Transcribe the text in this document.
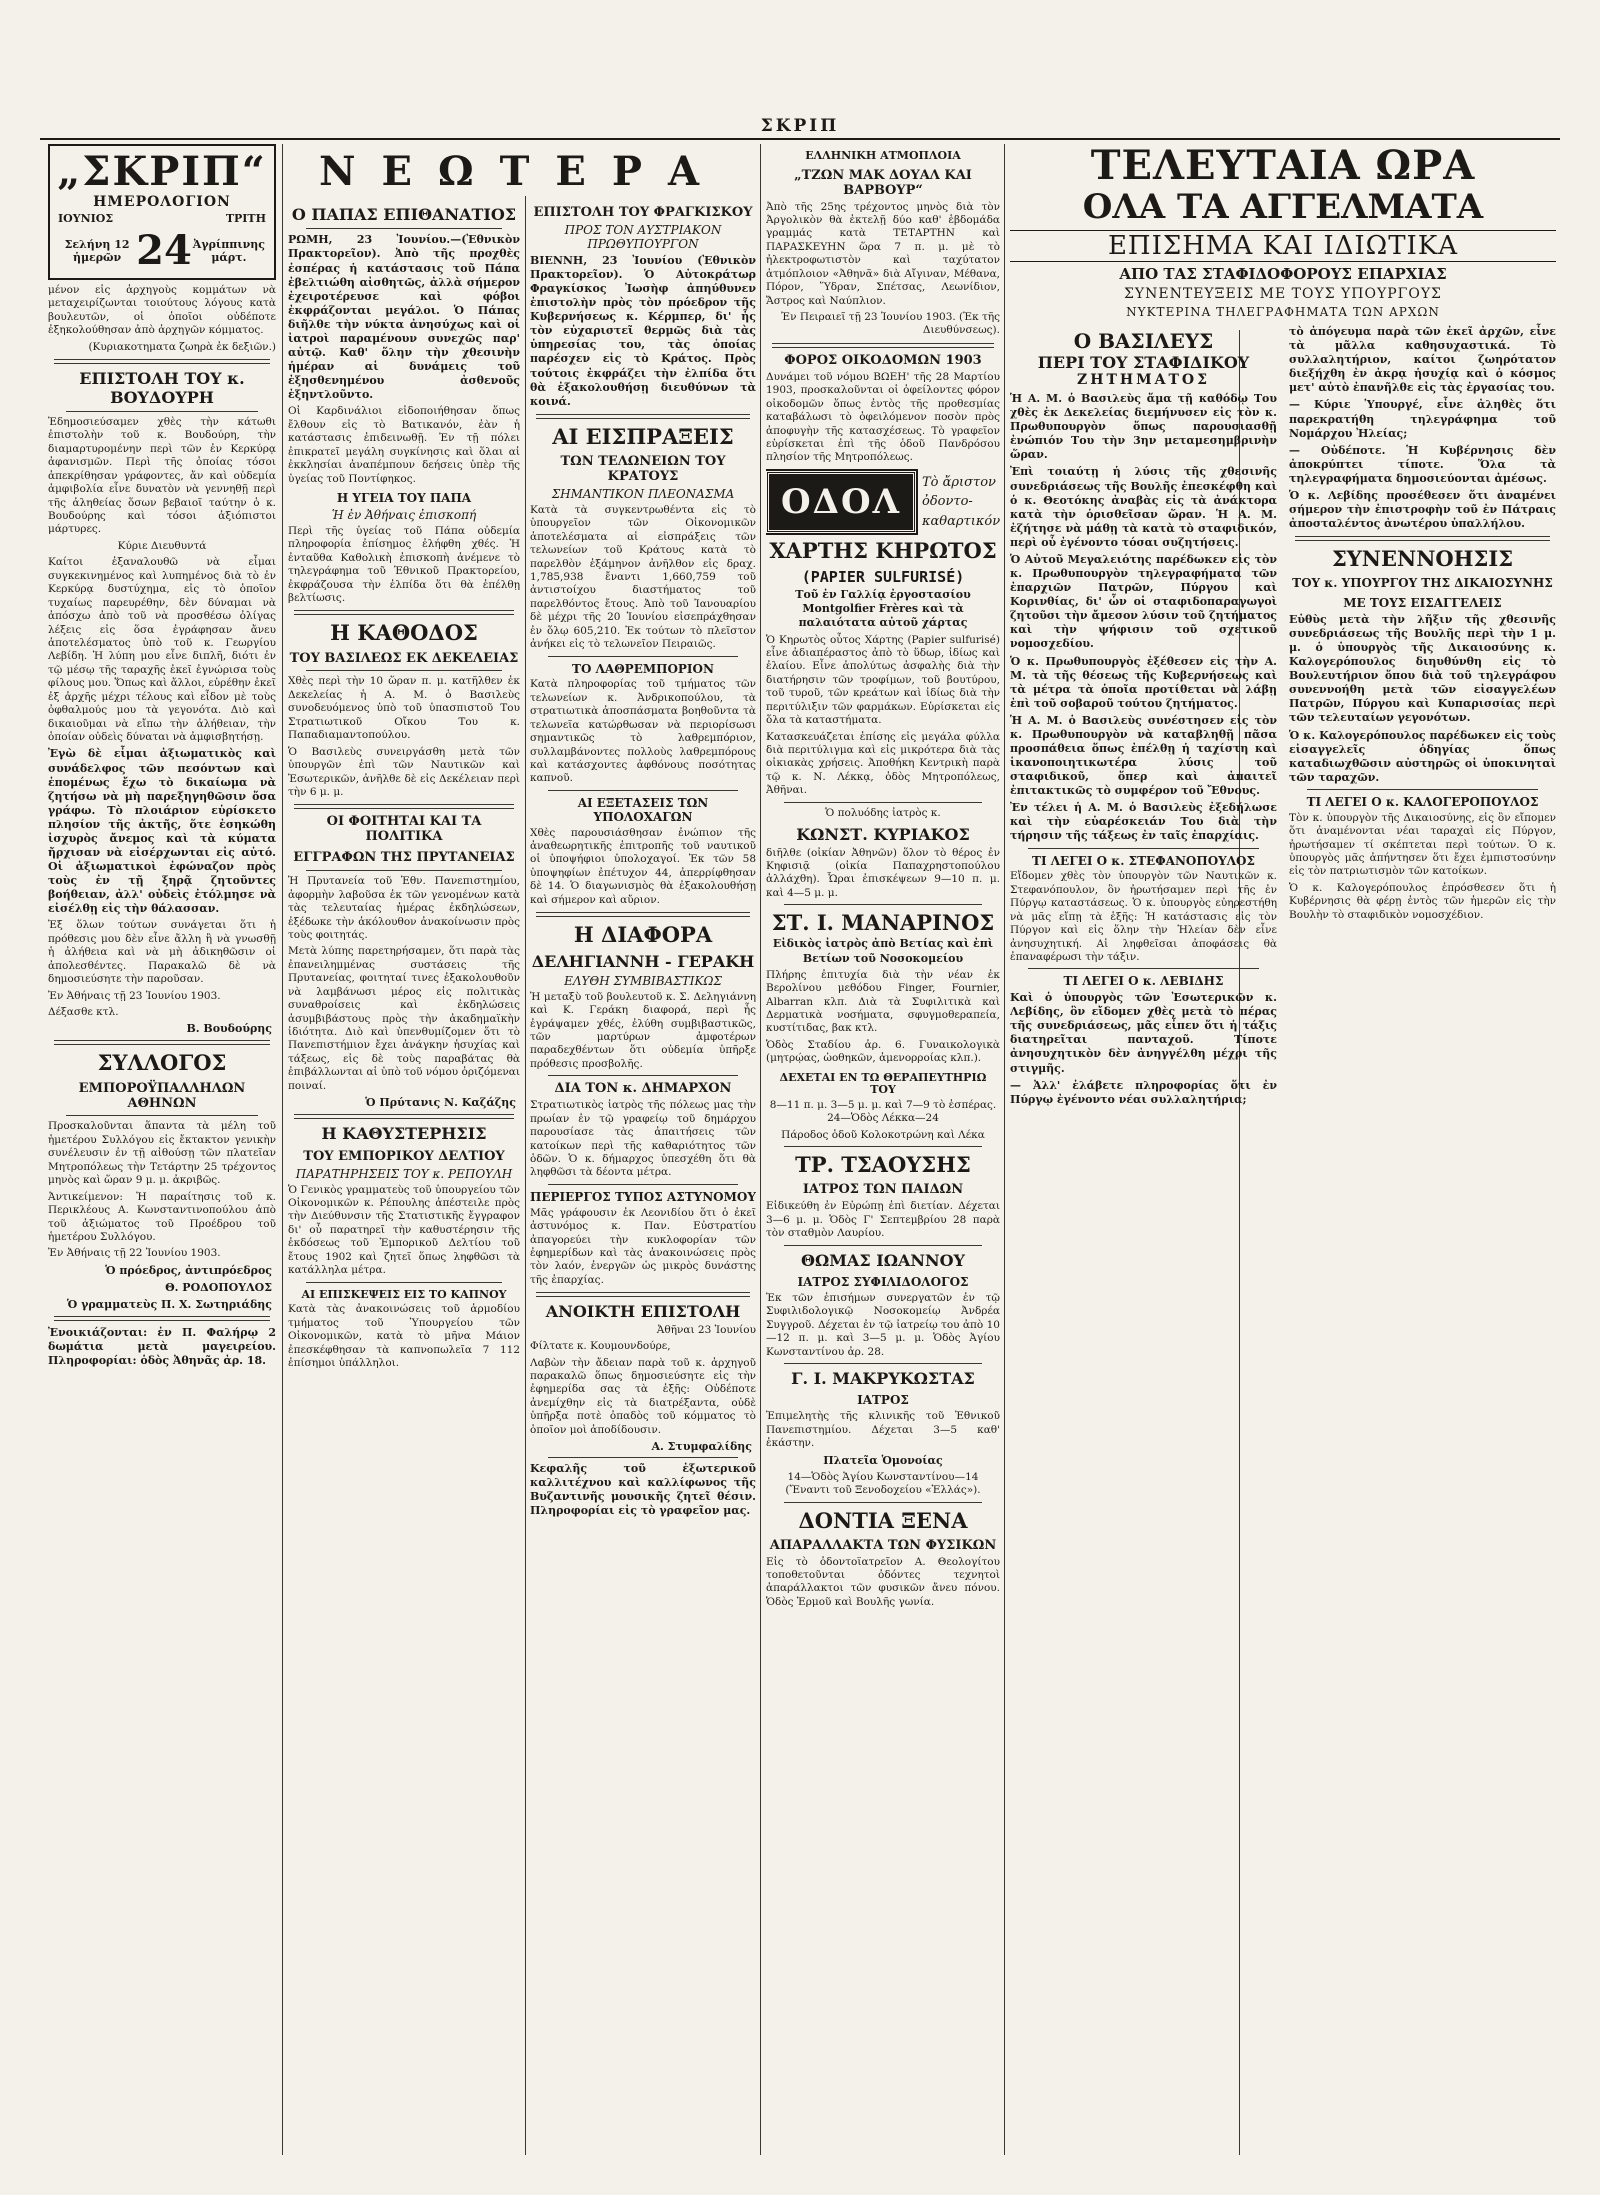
ΣΚΡΙΠ
„ΣΚΡΙΠ“
ΗΜΕΡΟΛΟΓΙΟΝ
ΙΟΥΝΙΟΣ	ΤΡΙΤΗ
Σελήνη 12 ἡμερῶν 24 Ἀγρίππινης μάρτ.

μένον εἰς ἀρχηγοὺς κομμάτων νὰ μεταχειρίζωνται τοιούτους λόγους κατὰ βουλευτῶν, οἱ ὁποῖοι οὐδέποτε ἐξηκολούθησαν ἀπὸ ἀρχηγῶν κόμματος.

(Κυριακοτηματα ζωηρὰ ἐκ δεξιῶν.)

ΕΠΙΣΤΟΛΗ ΤΟΥ κ. ΒΟΥΔΟΥΡΗ

Ἐδημοσιεύσαμεν χθὲς τὴν κάτωθι ἐπιστολὴν τοῦ κ. Βουδούρη, τὴν διαμαρτυρομένην περὶ τῶν ἐν Κερκύρᾳ ἀφανισμῶν. Περὶ τῆς ὁποίας τόσοι ἀπεκρίθησαν γράφοντες, ἄν καὶ οὐδεμία ἀμφιβολία εἶνε δυνατὸν νὰ γεννηθῇ περὶ τῆς ἀληθείας ὅσων βεβαιοῖ ταύτην ὁ κ. Βουδούρης καὶ τόσοι ἀξιόπιστοι μάρτυρες.

Κύριε Διευθυντά

Καίτοι ἐξαναλουθῶ νὰ εἶμαι συγκεκινημένος καὶ λυπημένος διὰ τὸ ἐν Κερκύρᾳ δυστύχημα, εἰς τὸ ὁποῖον τυχαίως παρευρέθην, δὲν δύναμαι νὰ ἀπόσχω ἀπὸ τοῦ νὰ προσθέσω ὀλίγας λέξεις εἰς ὅσα ἐγράφησαν ἄνευ ἀποτελέσματος ὑπὸ τοῦ κ. Γεωργίου Λεβίδη. Ἡ λύπη μου εἶνε διπλῆ, διότι ἐν τῷ μέσῳ τῆς ταραχῆς ἐκεῖ ἐγνώρισα τοὺς φίλους μου. Ὅπως καὶ ἄλλοι, εὑρέθην ἐκεῖ ἐξ ἀρχῆς μέχρι τέλους καὶ εἶδον μὲ τοὺς ὀφθαλμούς μου τὰ γεγονότα. Διὸ καὶ δικαιοῦμαι νὰ εἴπω τὴν ἀλήθειαν, τὴν ὁποίαν οὐδεὶς δύναται νὰ ἀμφισβητήσῃ.

Ἐγὼ δὲ εἶμαι ἀξιωματικὸς καὶ συνάδελφος τῶν πεσόντων καὶ ἑπομένως ἔχω τὸ δικαίωμα νὰ ζητήσω νὰ μὴ παρεξηγηθῶσιν ὅσα γράφω. Τὸ πλοιάριον εὑρίσκετο πλησίον τῆς ἀκτῆς, ὅτε ἐσηκώθη ἰσχυρὸς ἄνεμος καὶ τὰ κύματα ἤρχισαν νὰ εἰσέρχωνται εἰς αὐτό. Οἱ ἀξιωματικοὶ ἐφώναζον πρὸς τοὺς ἐν τῇ ξηρᾷ ζητοῦντες βοήθειαν, ἀλλ' οὐδεὶς ἐτόλμησε νὰ εἰσέλθῃ εἰς τὴν θάλασσαν.

Ἐξ ὅλων τούτων συνάγεται ὅτι ἡ πρόθεσις μου δὲν εἶνε ἄλλη ἢ νὰ γνωσθῇ ἡ ἀλήθεια καὶ νὰ μὴ ἀδικηθῶσιν οἱ ἀπολεσθέντες. Παρακαλῶ δὲ νὰ δημοσιεύσητε τὴν παροῦσαν.

Ἐν Ἀθήναις τῇ 23 Ἰουνίου 1903.

Δέξασθε κτλ.

Β. Βουδούρης
ΣΥΛΛΟΓΟΣ
ΕΜΠΟΡΟΫΠΑΛΛΗΛΩΝ ΑΘΗΝΩΝ

Προσκαλοῦνται ἅπαντα τὰ μέλη τοῦ ἡμετέρου Συλλόγου εἰς ἔκτακτον γενικὴν συνέλευσιν ἐν τῇ αἰθούσῃ τῶν πλατεῖαν Μητροπόλεως τὴν Τετάρτην 25 τρέχοντος μηνὸς καὶ ὥραν 9 μ. μ. ἀκριβῶς.

Ἀντικείμενον: Ἡ παραίτησις τοῦ κ. Περικλέους Α. Κωνσταντινοπούλου ἀπὸ τοῦ ἀξιώματος τοῦ Προέδρου τοῦ ἡμετέρου Συλλόγου.

Ἐν Ἀθήναις τῇ 22 Ἰουνίου 1903.

Ὁ πρόεδρος, ἀντιπρόεδρος
Θ. ΡΟΔΟΠΟΥΛΟΣ
Ὁ γραμματεὺς Π. Χ. Σωτηριάδης

Ἐνοικιάζονται: ἐν Π. Φαλήρῳ 2 δωμάτια μετὰ μαγειρείου. Πληροφορίαι: ὁδὸς Ἀθηνᾶς ἀρ. 18.

ΝΕΩΤΕΡΑ
Ο ΠΑΠΑΣ ΕΠΙΘΑΝΑΤΙΟΣ

ΡΩΜΗ, 23 Ἰουνίου.—(Ἐθνικὸν Πρακτορεῖον). Ἀπὸ τῆς προχθὲς ἑσπέρας ἡ κατάστασις τοῦ Πάπα ἐβελτιώθη αἰσθητῶς, ἀλλὰ σήμερον ἐχειροτέρευσε καὶ φόβοι ἐκφράζονται μεγάλοι. Ὁ Πάπας διῆλθε τὴν νύκτα ἀνησύχως καὶ οἱ ἰατροὶ παραμένουν συνεχῶς παρ' αὐτῷ. Καθ' ὅλην τὴν χθεσινὴν ἡμέραν αἱ δυνάμεις τοῦ ἐξησθενημένου ἀσθενοῦς ἐξηντλοῦντο.

Οἱ Καρδινάλιοι εἰδοποιήθησαν ὅπως ἔλθουν εἰς τὸ Βατικανόν, ἐὰν ἡ κατάστασις ἐπιδεινωθῇ. Ἐν τῇ πόλει ἐπικρατεῖ μεγάλη συγκίνησις καὶ ὅλαι αἱ ἐκκλησίαι ἀναπέμπουν δεήσεις ὑπὲρ τῆς ὑγείας τοῦ Ποντίφηκος.

Η ΥΓΕΙΑ ΤΟΥ ΠΑΠΑ
Ἡ ἐν Ἀθήναις ἐπισκοπή

Περὶ τῆς ὑγείας τοῦ Πάπα οὐδεμία πληροφορία ἐπίσημος ἐλήφθη χθές. Ἡ ἐνταῦθα Καθολικὴ ἐπισκοπὴ ἀνέμενε τὸ τηλεγράφημα τοῦ Ἐθνικοῦ Πρακτορείου, ἐκφράζουσα τὴν ἐλπίδα ὅτι θὰ ἐπέλθῃ βελτίωσις.

Η ΚΑΘΟΔΟΣ
ΤΟΥ ΒΑΣΙΛΕΩΣ ΕΚ ΔΕΚΕΛΕΙΑΣ

Χθὲς περὶ τὴν 10 ὥραν π. μ. κατῆλθεν ἐκ Δεκελείας ἡ Α. Μ. ὁ Βασιλεὺς συνοδευόμενος ὑπὸ τοῦ ὑπασπιστοῦ Του Στρατιωτικοῦ Οἴκου Του κ. Παπαδιαμαντοπούλου.

Ὁ Βασιλεὺς συνειργάσθη μετὰ τῶν ὑπουργῶν ἐπὶ τῶν Ναυτικῶν καὶ Ἐσωτερικῶν, ἀνῆλθε δὲ εἰς Δεκέλειαν περὶ τὴν 6 μ. μ.

ΟΙ ΦΟΙΤΗΤΑΙ ΚΑΙ ΤΑ ΠΟΛΙΤΙΚΑ
ΕΓΓΡΑΦΩΝ ΤΗΣ ΠΡΥΤΑΝΕΙΑΣ

Ἡ Πρυτανεία τοῦ Ἐθν. Πανεπιστημίου, ἀφορμὴν λαβοῦσα ἐκ τῶν γενομένων κατὰ τὰς τελευταίας ἡμέρας ἐκδηλώσεων, ἐξέδωκε τὴν ἀκόλουθον ἀνακοίνωσιν πρὸς τοὺς φοιτητάς.

Μετὰ λύπης παρετηρήσαμεν, ὅτι παρὰ τὰς ἐπανειλημμένας συστάσεις τῆς Πρυτανείας, φοιτηταί τινες ἐξακολουθοῦν νὰ λαμβάνωσι μέρος εἰς πολιτικὰς συναθροίσεις καὶ ἐκδηλώσεις ἀσυμβιβάστους πρὸς τὴν ἀκαδημαϊκὴν ἰδιότητα. Διὸ καὶ ὑπενθυμίζομεν ὅτι τὸ Πανεπιστήμιον ἔχει ἀνάγκην ἡσυχίας καὶ τάξεως, εἰς δὲ τοὺς παραβάτας θὰ ἐπιβάλλωνται αἱ ὑπὸ τοῦ νόμου ὁριζόμεναι ποιναί.

Ὁ Πρύτανις Ν. Καζάζης
Η ΚΑΘΥΣΤΕΡΗΣΙΣ
ΤΟΥ ΕΜΠΟΡΙΚΟΥ ΔΕΛΤΙΟΥ
ΠΑΡΑΤΗΡΗΣΕΙΣ ΤΟΥ κ. ΡΕΠΟΥΛΗ

Ὁ Γενικὸς γραμματεὺς τοῦ ὑπουργείου τῶν Οἰκονομικῶν κ. Ρέπουλης ἀπέστειλε πρὸς τὴν Διεύθυνσιν τῆς Στατιστικῆς ἔγγραφον δι' οὗ παρατηρεῖ τὴν καθυστέρησιν τῆς ἐκδόσεως τοῦ Ἐμπορικοῦ Δελτίου τοῦ ἔτους 1902 καὶ ζητεῖ ὅπως ληφθῶσι τὰ κατάλληλα μέτρα.

ΑΙ ΕΠΙΣΚΕΨΕΙΣ ΕΙΣ ΤΟ ΚΑΠΝΟΥ

Κατὰ τὰς ἀνακοινώσεις τοῦ ἁρμοδίου τμήματος τοῦ Ὑπουργείου τῶν Οἰκονομικῶν, κατὰ τὸ μῆνα Μάιον ἐπεσκέφθησαν τὰ καπνοπωλεῖα 7 112 ἐπίσημοι ὑπάλληλοι.

ΕΠΙΣΤΟΛΗ ΤΟΥ ΦΡΑΓΚΙΣΚΟΥ
ΠΡΟΣ ΤΟΝ ΑΥΣΤΡΙΑΚΟΝ ΠΡΩΘΥΠΟΥΡΓΟΝ

ΒΙΕΝΝΗ, 23 Ἰουνίου (Ἐθνικὸν Πρακτορεῖον). Ὁ Αὐτοκράτωρ Φραγκίσκος Ἰωσὴφ ἀπηύθυνεν ἐπιστολὴν πρὸς τὸν πρόεδρον τῆς Κυβερνήσεως κ. Κέρμπερ, δι' ἧς τὸν εὐχαριστεῖ θερμῶς διὰ τὰς ὑπηρεσίας του, τὰς ὁποίας παρέσχεν εἰς τὸ Κράτος. Πρὸς τούτοις ἐκφράζει τὴν ἐλπίδα ὅτι θὰ ἐξακολουθήσῃ διευθύνων τὰ κοινά.

ΑΙ ΕΙΣΠΡΑΞΕΙΣ
ΤΩΝ ΤΕΛΩΝΕΙΩΝ ΤΟΥ ΚΡΑΤΟΥΣ
ΣΗΜΑΝΤΙΚΟΝ ΠΛΕΟΝΑΣΜΑ

Κατὰ τὰ συγκεντρωθέντα εἰς τὸ ὑπουργεῖον τῶν Οἰκονομικῶν ἀποτελέσματα αἱ εἰσπράξεις τῶν τελωνείων τοῦ Κράτους κατὰ τὸ παρελθὸν ἑξάμηνον ἀνῆλθον εἰς δραχ. 1,785,938 ἔναντι 1,660,759 τοῦ ἀντιστοίχου διαστήματος τοῦ παρελθόντος ἔτους. Ἀπὸ τοῦ Ἰανουαρίου δὲ μέχρι τῆς 20 Ἰουνίου εἰσεπράχθησαν ἐν ὅλῳ 605,210. Ἐκ τούτων τὸ πλεῖστον ἀνήκει εἰς τὸ τελωνεῖον Πειραιῶς.

ΤΟ ΛΑΘΡΕΜΠΟΡΙΟΝ

Κατὰ πληροφορίας τοῦ τμήματος τῶν τελωνείων κ. Ἀνδρικοπούλου, τὰ στρατιωτικὰ ἀποσπάσματα βοηθοῦντα τὰ τελωνεῖα κατώρθωσαν νὰ περιορίσωσι σημαντικῶς τὸ λαθρεμπόριον, συλλαμβάνοντες πολλοὺς λαθρεμπόρους καὶ κατάσχοντες ἀφθόνους ποσότητας καπνοῦ.

ΑΙ ΕΞΕΤΑΣΕΙΣ ΤΩΝ ΥΠΟΛΟΧΑΓΩΝ

Χθὲς παρουσιάσθησαν ἐνώπιον τῆς ἀναθεωρητικῆς ἐπιτροπῆς τοῦ ναυτικοῦ οἱ ὑποψήφιοι ὑπολοχαγοί. Ἐκ τῶν 58 ὑποψηφίων ἐπέτυχον 44, ἀπερρίφθησαν δὲ 14. Ὁ διαγωνισμὸς θὰ ἐξακολουθήσῃ καὶ σήμερον καὶ αὔριον.

Η ΔΙΑΦΟΡΑ
ΔΕΛΗΓΙΑΝΝΗ - ΓΕΡΑΚΗ
ΕΛΥΘΗ ΣΥΜΒΙΒΑΣΤΙΚΩΣ

Ἡ μεταξὺ τοῦ βουλευτοῦ κ. Σ. Δεληγιάννη καὶ Κ. Γεράκη διαφορά, περὶ ἧς ἐγράψαμεν χθές, ἐλύθη συμβιβαστικῶς, τῶν μαρτύρων ἀμφοτέρων παραδεχθέντων ὅτι οὐδεμία ὑπῆρξε πρόθεσις προσβολῆς.

ΔΙΑ ΤΟΝ κ. ΔΗΜΑΡΧΟΝ

Στρατιωτικὸς ἰατρὸς τῆς πόλεως μας τὴν πρωίαν ἐν τῷ γραφείῳ τοῦ δημάρχου παρουσίασε τὰς ἀπαιτήσεις τῶν κατοίκων περὶ τῆς καθαριότητος τῶν ὁδῶν. Ὁ κ. δήμαρχος ὑπεσχέθη ὅτι θὰ ληφθῶσι τὰ δέοντα μέτρα.

ΠΕΡΙΕΡΓΟΣ ΤΥΠΟΣ ΑΣΤΥΝΟΜΟΥ

Μᾶς γράφουσιν ἐκ Λεονιδίου ὅτι ὁ ἐκεῖ ἀστυνόμος κ. Παν. Εὐστρατίου ἀπαγορεύει τὴν κυκλοφορίαν τῶν ἐφημερίδων καὶ τὰς ἀνακοινώσεις πρὸς τὸν λαόν, ἐνεργῶν ὡς μικρὸς δυνάστης τῆς ἐπαρχίας.

ΑΝΟΙΚΤΗ ΕΠΙΣΤΟΛΗ

Ἀθῆναι 23 Ἰουνίου

Φίλτατε κ. Κουμουνδούρε,

Λαβὼν τὴν ἄδειαν παρὰ τοῦ κ. ἀρχηγοῦ παρακαλῶ ὅπως δημοσιεύσητε εἰς τὴν ἐφημερίδα σας τὰ ἑξῆς: Οὐδέποτε ἀνεμίχθην εἰς τὰ διατρέξαντα, οὐδὲ ὑπῆρξα ποτὲ ὀπαδὸς τοῦ κόμματος τὸ ὁποῖον μοὶ ἀποδίδουσιν.

Α. Στυμφαλίδης

Κεφαλῆς τοῦ ἐξωτερικοῦ καλλιτέχνου καὶ καλλίφωνος τῆς Βυζαντινῆς μουσικῆς ζητεῖ θέσιν. Πληροφορίαι εἰς τὸ γραφεῖον μας.

ΕΛΛΗΝΙΚΗ ΑΤΜΟΠΛΟΙΑ
„ΤΖΩΝ ΜΑΚ ΔΟΥΑΛ ΚΑΙ ΒΑΡΒΟΥΡ“

Ἀπὸ τῆς 25ης τρέχοντος μηνὸς διὰ τὸν Ἀργολικὸν θὰ ἐκτελῇ δύο καθ' ἑβδομάδα γραμμάς κατὰ ΤΕΤΑΡΤΗΝ καὶ ΠΑΡΑΣΚΕΥΗΝ ὥρα 7 π. μ. μὲ τὸ ἠλεκτροφωτιστὸν καὶ ταχύτατον ἀτμόπλοιον «Ἀθηνᾶ» διὰ Αἴγιναν, Μέθανα, Πόρον, Ὕδραν, Σπέτσας, Λεωνίδιον, Ἄστρος καὶ Ναύπλιον.

Ἐν Πειραιεῖ τῇ 23 Ἰουνίου 1903. (Ἐκ τῆς Διευθύνσεως).

ΦΟΡΟΣ ΟΙΚΟΔΟΜΩΝ 1903

Δυνάμει τοῦ νόμου ΒΩΕΗ' τῆς 28 Μαρτίου 1903, προσκαλοῦνται οἱ ὀφείλοντες φόρον οἰκοδομῶν ὅπως ἐντὸς τῆς προθεσμίας καταβάλωσι τὸ ὀφειλόμενον ποσὸν πρὸς ἀποφυγὴν τῆς κατασχέσεως. Τὸ γραφεῖον εὑρίσκεται ἐπὶ τῆς ὁδοῦ Πανδρόσου πλησίον τῆς Μητροπόλεως.

ΟΔΟΛ	Τὸ ἄριστον
ὀδοντο-
καθαρτικόν
ΧΑΡΤΗΣ ΚΗΡΩΤΟΣ
(PAPIER SULFURISÉ)

Τοῦ ἐν Γαλλίᾳ ἐργοστασίου Montgolfier Frères καὶ τὰ παλαιότατα αὐτοῦ χάρτας

Ὁ Κηρωτὸς οὗτος Χάρτης (Papier sulfurisé) εἶνε ἀδιαπέραστος ἀπὸ τὸ ὕδωρ, ἰδίως καὶ ἐλαίου. Εἶνε ἀπολύτως ἀσφαλὴς διὰ τὴν διατήρησιν τῶν τροφίμων, τοῦ βουτύρου, τοῦ τυροῦ, τῶν κρεάτων καὶ ἰδίως διὰ τὴν περιτύλιξιν τῶν φαρμάκων. Εὑρίσκεται εἰς ὅλα τὰ καταστήματα.

Κατασκευάζεται ἐπίσης εἰς μεγάλα φύλλα διὰ περιτύλιγμα καὶ εἰς μικρότερα διὰ τὰς οἰκιακὰς χρήσεις. Ἀποθήκη Κεντρικὴ παρὰ τῷ κ. Ν. Λέκκᾳ, ὁδὸς Μητροπόλεως, Ἀθῆναι.

Ὁ πολυόδης ἰατρὸς κ.

ΚΩΝΣΤ. ΚΥΡΙΑΚΟΣ

διῆλθε (οἰκίαν Ἀθηνῶν) ὅλον τὸ θέρος ἐν Κηφισιᾷ (οἰκία Παπαχρηστοπούλου ἀλλάχθη). Ὧραι ἐπισκέψεων 9—10 π. μ. καὶ 4—5 μ. μ.

ΣΤ. Ι. ΜΑΝΑΡΙΝΟΣ

Εἰδικὸς ἰατρὸς ἀπὸ Βετίας καὶ ἐπὶ Βετίων τοῦ Νοσοκομείου

Πλήρης ἐπιτυχία διὰ τὴν νέαν ἐκ Βερολίνου μεθόδου Finger, Fournier, Albarran κλπ. Διὰ τὰ Συφιλιτικὰ καὶ Δερματικὰ νοσήματα, σφυγμοθεραπεία, κυστίτιδας, βακ κτλ.

Ὁδὸς Σταδίου ἀρ. 6. Γυναικολογικὰ (μητρῴας, ὠοθηκῶν, ἀμενορροίας κλπ.).

ΔΕΧΕΤΑΙ ΕΝ ΤΩ ΘΕΡΑΠΕΥΤΗΡΙΩ ΤΟΥ

8—11 π. μ. 3—5 μ. μ. καὶ 7—9 τὸ ἑσπέρας. 24—Ὁδὸς Λέκκα—24

Πάροδος ὁδοῦ Κολοκοτρώνη καὶ Λέκα

ΤΡ. ΤΣΑΟΥΣΗΣ
ΙΑΤΡΟΣ ΤΩΝ ΠΑΙΔΩΝ

Εἰδικεύθη ἐν Εὐρώπῃ ἐπὶ διετίαν. Δέχεται 3—6 μ. μ. Ὁδὸς Γ' Σεπτεμβρίου 28 παρὰ τὸν σταθμὸν Λαυρίου.

ΘΩΜΑΣ ΙΩΑΝΝΟΥ
ΙΑΤΡΟΣ ΣΥΦΙΛΙΔΟΛΟΓΟΣ

Ἐκ τῶν ἐπισήμων συνεργατῶν ἐν τῷ Συφιλιδολογικῷ Νοσοκομείῳ Ἀνδρέα Συγγροῦ. Δέχεται ἐν τῷ ἰατρείῳ του ἀπὸ 10—12 π. μ. καὶ 3—5 μ. μ. Ὁδὸς Ἀγίου Κωνσταντίνου ἀρ. 28.

Γ. Ι. ΜΑΚΡΥΚΩΣΤΑΣ
ΙΑΤΡΟΣ

Ἐπιμελητὴς τῆς κλινικῆς τοῦ Ἐθνικοῦ Πανεπιστημίου. Δέχεται 3—5 καθ' ἑκάστην.

Πλατεῖα Ὁμονοίας

14—Ὁδὸς Ἁγίου Κωνσταντίνου—14 (Ἔναντι τοῦ Ξενοδοχείου «Ἑλλάς»).

ΔΟΝΤΙΑ ΞΕΝΑ
ΑΠΑΡΑΛΛΑΚΤΑ ΤΩΝ ΦΥΣΙΚΩΝ

Εἰς τὸ ὀδοντοϊατρεῖον Α. Θεολογίτου τοποθετοῦνται ὀδόντες τεχνητοὶ ἀπαράλλακτοι τῶν φυσικῶν ἄνευ πόνου. Ὁδὸς Ἑρμοῦ καὶ Βουλῆς γωνία.

ΤΕΛΕΥΤΑΙΑ ΩΡΑ
ΟΛΑ ΤΑ ΑΓΓΕΛΜΑΤΑ
ΕΠΙΣΗΜΑ ΚΑΙ ΙΔΙΩΤΙΚΑ
ΑΠΟ ΤΑΣ ΣΤΑΦΙΔΟΦΟΡΟΥΣ ΕΠΑΡΧΙΑΣ
ΣΥΝΕΝΤΕΥΞΕΙΣ ΜΕ ΤΟΥΣ ΥΠΟΥΡΓΟΥΣ
ΝΥΚΤΕΡΙΝΑ ΤΗΛΕΓΡΑΦΗΜΑΤΑ ΤΩΝ ΑΡΧΩΝ
Ο ΒΑΣΙΛΕΥΣ
ΠΕΡΙ ΤΟΥ ΣΤΑΦΙΔΙΚΟΥ
ΖΗΤΗΜΑΤΟΣ

Ἡ Α. Μ. ὁ Βασιλεὺς ἅμα τῇ καθόδῳ Του χθὲς ἐκ Δεκελείας διεμήνυσεν εἰς τὸν κ. Πρωθυπουργὸν ὅπως παρουσιασθῇ ἐνώπιόν Του τὴν 3ην μεταμεσημβρινὴν ὥραν.

Ἐπὶ τοιαύτῃ ἡ λύσις τῆς χθεσινῆς συνεδριάσεως τῆς Βουλῆς ἐπεσκέφθη καὶ ὁ κ. Θεοτόκης ἀναβὰς εἰς τὰ ἀνάκτορα κατὰ τὴν ὁρισθεῖσαν ὥραν. Ἡ Α. Μ. ἐζήτησε νὰ μάθῃ τὰ κατὰ τὸ σταφιδικόν, περὶ οὗ ἐγένοντο τόσαι συζητήσεις.

Ὁ Αὐτοῦ Μεγαλειότης παρέδωκεν εἰς τὸν κ. Πρωθυπουργὸν τηλεγραφήματα τῶν ἐπαρχιῶν Πατρῶν, Πύργου καὶ Κορινθίας, δι' ὧν οἱ σταφιδοπαραγωγοὶ ζητοῦσι τὴν ἄμεσον λύσιν τοῦ ζητήματος καὶ τὴν ψήφισιν τοῦ σχετικοῦ νομοσχεδίου.

Ὁ κ. Πρωθυπουργὸς ἐξέθεσεν εἰς τὴν Α. Μ. τὰ τῆς θέσεως τῆς Κυβερνήσεως καὶ τὰ μέτρα τὰ ὁποῖα προτίθεται νὰ λάβῃ ἐπὶ τοῦ σοβαροῦ τούτου ζητήματος.

Ἡ Α. Μ. ὁ Βασιλεὺς συνέστησεν εἰς τὸν κ. Πρωθυπουργὸν νὰ καταβληθῇ πᾶσα προσπάθεια ὅπως ἐπέλθῃ ἡ ταχίστη καὶ ἱκανοποιητικωτέρα λύσις τοῦ σταφιδικοῦ, ὅπερ καὶ ἀπαιτεῖ ἐπιτακτικῶς τὸ συμφέρον τοῦ Ἔθνους.

Ἐν τέλει ἡ Α. Μ. ὁ Βασιλεὺς ἐξεδήλωσε καὶ τὴν εὐαρέσκειάν Του διὰ τὴν τήρησιν τῆς τάξεως ἐν ταῖς ἐπαρχίαις.

ΤΙ ΛΕΓΕΙ Ο κ. ΣΤΕΦΑΝΟΠΟΥΛΟΣ

Εἴδομεν χθὲς τὸν ὑπουργὸν τῶν Ναυτικῶν κ. Στεφανόπουλον, ὃν ἠρωτήσαμεν περὶ τῆς ἐν Πύργῳ καταστάσεως. Ὁ κ. ὑπουργὸς εὐηρεστήθη νὰ μᾶς εἴπῃ τὰ ἑξῆς: Ἡ κατάστασις εἰς τὸν Πύργον καὶ εἰς ὅλην τὴν Ἠλείαν δὲν εἶνε ἀνησυχητική. Αἱ ληφθεῖσαι ἀποφάσεις θὰ ἐπαναφέρωσι τὴν τάξιν.

ΤΙ ΛΕΓΕΙ Ο κ. ΛΕΒΙΔΗΣ

Καὶ ὁ ὑπουργὸς τῶν Ἐσωτερικῶν κ. Λεβίδης, ὃν εἴδομεν χθὲς μετὰ τὸ πέρας τῆς συνεδριάσεως, μᾶς εἶπεν ὅτι ἡ τάξις διατηρεῖται πανταχοῦ. Τίποτε ἀνησυχητικὸν δὲν ἀνηγγέλθη μέχρι τῆς στιγμῆς.

— Ἀλλ' ἐλάβετε πληροφορίας ὅτι ἐν Πύργῳ ἐγένοντο νέαι συλλαλητήρια;

τὸ ἀπόγευμα παρὰ τῶν ἐκεῖ ἀρχῶν, εἶνε τὰ μᾶλλα καθησυχαστικά. Τὸ συλλαλητήριον, καίτοι ζωηρότατον διεξήχθη ἐν ἀκρᾳ ἡσυχίᾳ καὶ ὁ κόσμος μετ' αὐτὸ ἐπανῆλθε εἰς τὰς ἐργασίας του.

— Κύριε Ὑπουργέ, εἶνε ἀληθὲς ὅτι παρεκρατήθη τηλεγράφημα τοῦ Νομάρχου Ἠλείας;

— Οὐδέποτε. Ἡ Κυβέρνησις δὲν ἀποκρύπτει τίποτε. Ὅλα τὰ τηλεγραφήματα δημοσιεύονται ἀμέσως.

Ὁ κ. Λεβίδης προσέθεσεν ὅτι ἀναμένει σήμερον τὴν ἐπιστροφὴν τοῦ ἐν Πάτραις ἀποσταλέντος ἀνωτέρου ὑπαλλήλου.

ΣΥΝΕΝΝΟΗΣΙΣ
ΤΟΥ κ. ΥΠΟΥΡΓΟΥ ΤΗΣ ΔΙΚΑΙΟΣΥΝΗΣ
ΜΕ ΤΟΥΣ ΕΙΣΑΓΓΕΛΕΙΣ

Εὐθὺς μετὰ τὴν λῆξιν τῆς χθεσινῆς συνεδριάσεως τῆς Βουλῆς περὶ τὴν 1 μ. μ. ὁ ὑπουργὸς τῆς Δικαιοσύνης κ. Καλογερόπουλος διηυθύνθη εἰς τὸ Βουλευτήριον ὅπου διὰ τοῦ τηλεγράφου συνεννοήθη μετὰ τῶν εἰσαγγελέων Πατρῶν, Πύργου καὶ Κυπαρισσίας περὶ τῶν τελευταίων γεγονότων.

Ὁ κ. Καλογερόπουλος παρέδωκεν εἰς τοὺς εἰσαγγελεῖς ὁδηγίας ὅπως καταδιωχθῶσιν αὐστηρῶς οἱ ὑποκινηταὶ τῶν ταραχῶν.

ΤΙ ΛΕΓΕΙ Ο κ. ΚΑΛΟΓΕΡΟΠΟΥΛΟΣ

Τὸν κ. ὑπουργὸν τῆς Δικαιοσύνης, εἰς ὃν εἴπομεν ὅτι ἀναμένονται νέαι ταραχαὶ εἰς Πύργον, ἠρωτήσαμεν τί σκέπτεται περὶ τούτων. Ὁ κ. ὑπουργὸς μᾶς ἀπήντησεν ὅτι ἔχει ἐμπιστοσύνην εἰς τὸν πατριωτισμὸν τῶν κατοίκων.

Ὁ κ. Καλογερόπουλος ἐπρόσθεσεν ὅτι ἡ Κυβέρνησις θὰ φέρῃ ἐντὸς τῶν ἡμερῶν εἰς τὴν Βουλὴν τὸ σταφιδικὸν νομοσχέδιον.
